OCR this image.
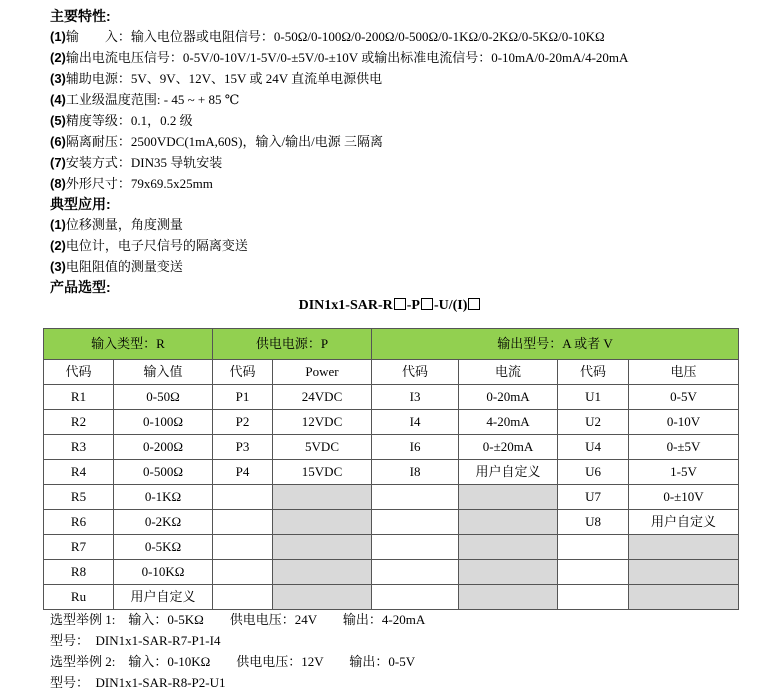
主要特性:
(1)输　　入：输入电位器或电阻信号：0-50Ω/0-100Ω/0-200Ω/0-500Ω/0-1KΩ/0-2KΩ/0-5KΩ/0-10KΩ
(2)输出电流电压信号：0-5V/0-10V/1-5V/0-±5V/0-±10V 或输出标准电流信号：0-10mA/0-20mA/4-20mA
(3)辅助电源：5V、9V、12V、15V 或 24V 直流单电源供电
(4)工业级温度范围: - 45 ~ + 85 ℃
(5)精度等级：0.1，0.2 级
(6)隔离耐压：2500VDC(1mA,60S)，输入/输出/电源 三隔离
(7)安装方式：DIN35 导轨安装
(8)外形尺寸：79x69.5x25mm
典型应用:
(1)位移测量，角度测量
(2)电位计，电子尺信号的隔离变送
(3)电阻阻值的测量变送
产品选型:
DIN1x1-SAR-R -P -U/(I)
输入类型：R		供电电源：P		输出型号：A 或者 V			
代码	输入值	代码	Power	代码	电流	代码	电压
R1	0-50Ω	P1	24VDC	I3	0-20mA	U1	0-5V
R2	0-100Ω	P2	12VDC	I4	4-20mA	U2	0-10V
R3	0-200Ω	P3	5VDC	I6	0-±20mA	U4	0-±5V
R4	0-500Ω	P4	15VDC	I8	用户自定义	U6	1-5V
R5	0-1KΩ					U7	0-±10V
R6	0-2KΩ					U8	用户自定义
R7	0-5KΩ						
R8	0-10KΩ						
Ru	用户自定义						
选型举例 1:　输入：0-5KΩ　　供电电压：24V　　输出：4-20mA
型号：　DIN1x1-SAR-R7-P1-I4
选型举例 2:　输入：0-10KΩ　　供电电压：12V　　输出：0-5V
型号：　DIN1x1-SAR-R8-P2-U1
